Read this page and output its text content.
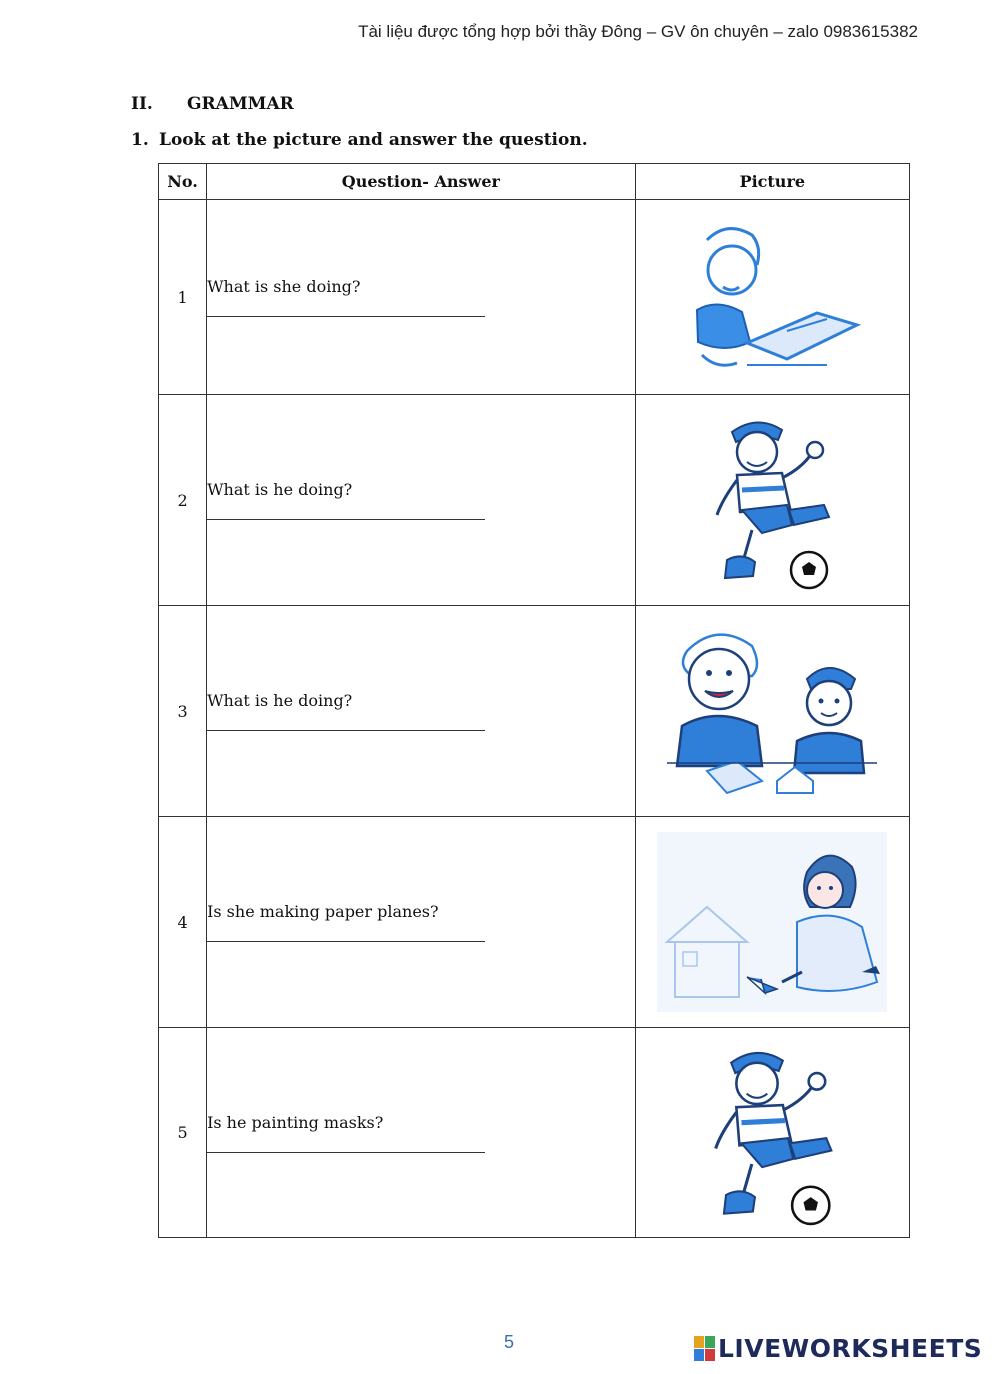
Tài liệu được tổng hợp bởi thầy Đông – GV ôn chuyên – zalo 0983615382
II. GRAMMAR
1. Look at the picture and answer the question.
No.	Question- Answer	Picture
1	What is she doing?

2	What is he doing?

3	What is he doing?

4	Is she making paper planes?

5	Is he painting masks?

5	LIVEWORKSHEETS
